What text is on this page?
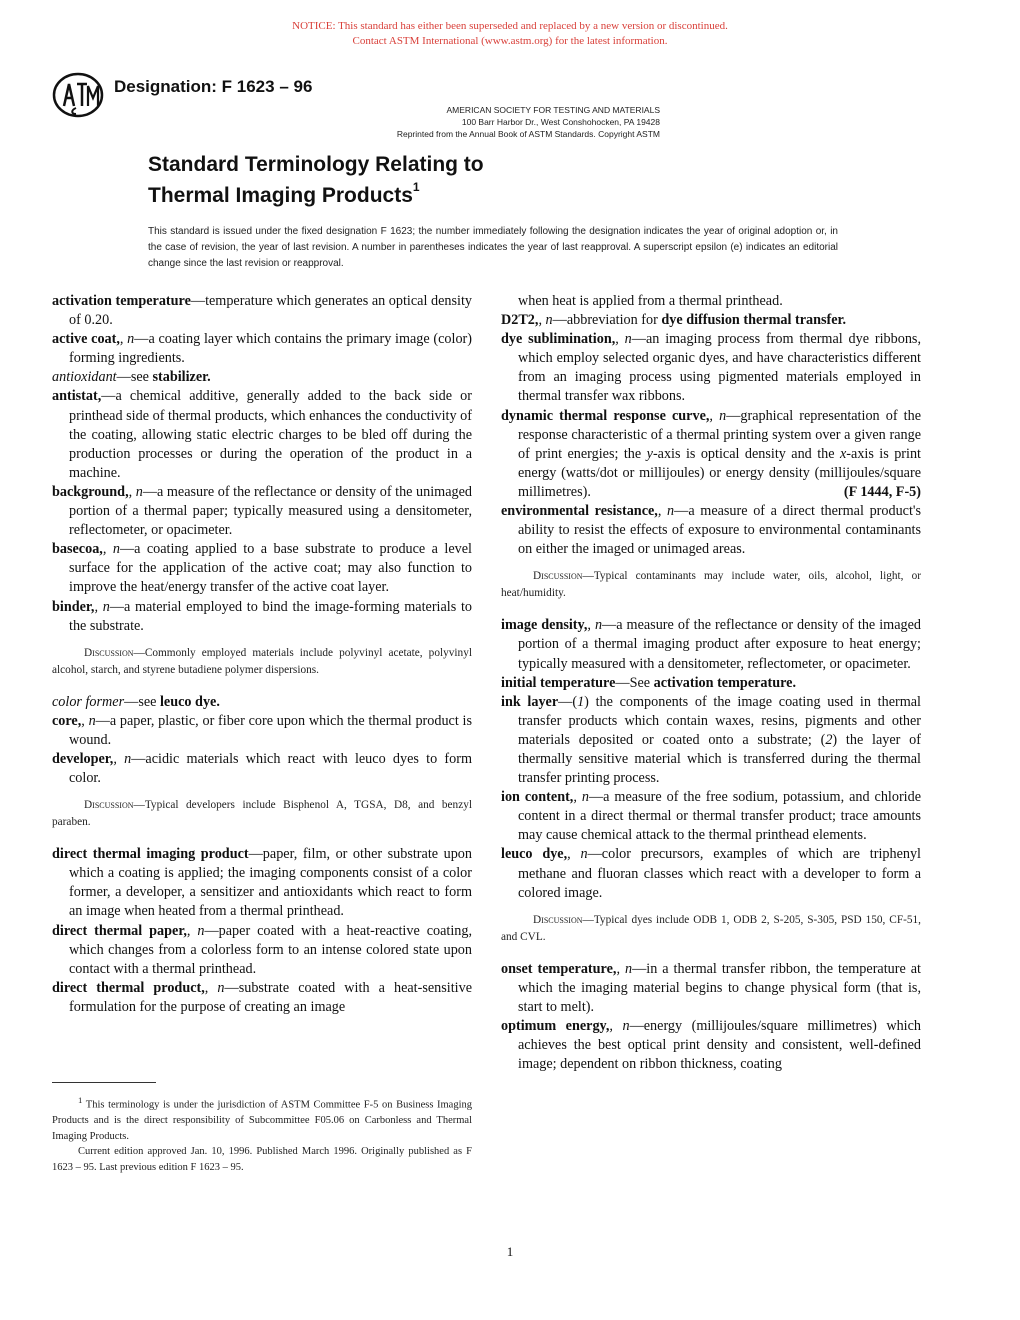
NOTICE: This standard has either been superseded and replaced by a new version or discontinued.
Contact ASTM International (www.astm.org) for the latest information.
Designation: F 1623 – 96
AMERICAN SOCIETY FOR TESTING AND MATERIALS
100 Barr Harbor Dr., West Conshohocken, PA 19428
Reprinted from the Annual Book of ASTM Standards. Copyright ASTM
Standard Terminology Relating to
Thermal Imaging Products$^1$
This standard is issued under the fixed designation F 1623; the number immediately following the designation indicates the year of original adoption or, in the case of revision, the year of last revision. A number in parentheses indicates the year of last reapproval. A superscript epsilon (e) indicates an editorial change since the last revision or reapproval.

activation temperature—temperature which generates an optical density of 0.20.

active coat,, n—a coating layer which contains the primary image (color) forming ingredients.

antioxidant—see stabilizer.

antistat,—a chemical additive, generally added to the back side or printhead side of thermal products, which enhances the conductivity of the coating, allowing static electric charges to be bled off during the production processes or during the operation of the product in a machine.

background,, n—a measure of the reflectance or density of the unimaged portion of a thermal paper; typically measured using a densitometer, reflectometer, or opacimeter.

basecoa,, n—a coating applied to a base substrate to produce a level surface for the application of the active coat; may also function to improve the heat/energy transfer of the active coat layer.

binder,, n—a material employed to bind the image-forming materials to the substrate.

Discussion—Commonly employed materials include polyvinyl acetate, polyvinyl alcohol, starch, and styrene butadiene polymer dispersions.

color former—see leuco dye.

core,, n—a paper, plastic, or fiber core upon which the thermal product is wound.

developer,, n—acidic materials which react with leuco dyes to form color.

Discussion—Typical developers include Bisphenol A, TGSA, D8, and benzyl paraben.

direct thermal imaging product—paper, film, or other substrate upon which a coating is applied; the imaging components consist of a color former, a developer, a sensitizer and antioxidants which react to form an image when heated from a thermal printhead.

direct thermal paper,, n—paper coated with a heat-reactive coating, which changes from a colorless form to an intense colored state upon contact with a thermal printhead.

direct thermal product,, n—substrate coated with a heat-sensitive formulation for the purpose of creating an image

$^1$ This terminology is under the jurisdiction of ASTM Committee F-5 on Business Imaging Products and is the direct responsibility of Subcommittee F05.06 on Carbonless and Thermal Imaging Products.

Current edition approved Jan. 10, 1996. Published March 1996. Originally published as F 1623 – 95. Last previous edition F 1623 – 95.

when heat is applied from a thermal printhead.

D2T2,, n—abbreviation for dye diffusion thermal transfer.

dye sublimination,, n—an imaging process from thermal dye ribbons, which employ selected organic dyes, and have characteristics different from an imaging process using pigmented materials employed in thermal transfer wax ribbons.

dynamic thermal response curve,, n—graphical representation of the response characteristic of a thermal printing system over a given range of print energies; the y-axis is optical density and the x-axis is print energy (watts/dot or millijoules) or energy density (millijoules/square millimetres).	(F 1444, F-5)

environmental resistance,, n—a measure of a direct thermal product's ability to resist the effects of exposure to environmental contaminants on either the imaged or unimaged areas.

Discussion—Typical contaminants may include water, oils, alcohol, light, or heat/humidity.

image density,, n—a measure of the reflectance or density of the imaged portion of a thermal imaging product after exposure to heat energy; typically measured with a densitometer, reflectometer, or opacimeter.

initial temperature—See activation temperature.

ink layer—(1) the components of the image coating used in thermal transfer products which contain waxes, resins, pigments and other materials deposited or coated onto a substrate; (2) the layer of thermally sensitive material which is transferred during the thermal transfer printing process.

ion content,, n—a measure of the free sodium, potassium, and chloride content in a direct thermal or thermal transfer product; trace amounts may cause chemical attack to the thermal printhead elements.

leuco dye,, n—color precursors, examples of which are triphenyl methane and fluoran classes which react with a developer to form a colored image.

Discussion—Typical dyes include ODB 1, ODB 2, S-205, S-305, PSD 150, CF-51, and CVL.

onset temperature,, n—in a thermal transfer ribbon, the temperature at which the imaging material begins to change physical form (that is, start to melt).

optimum energy,, n—energy (millijoules/square millimetres) which achieves the best optical print density and consistent, well-defined image; dependent on ribbon thickness, coating

1
